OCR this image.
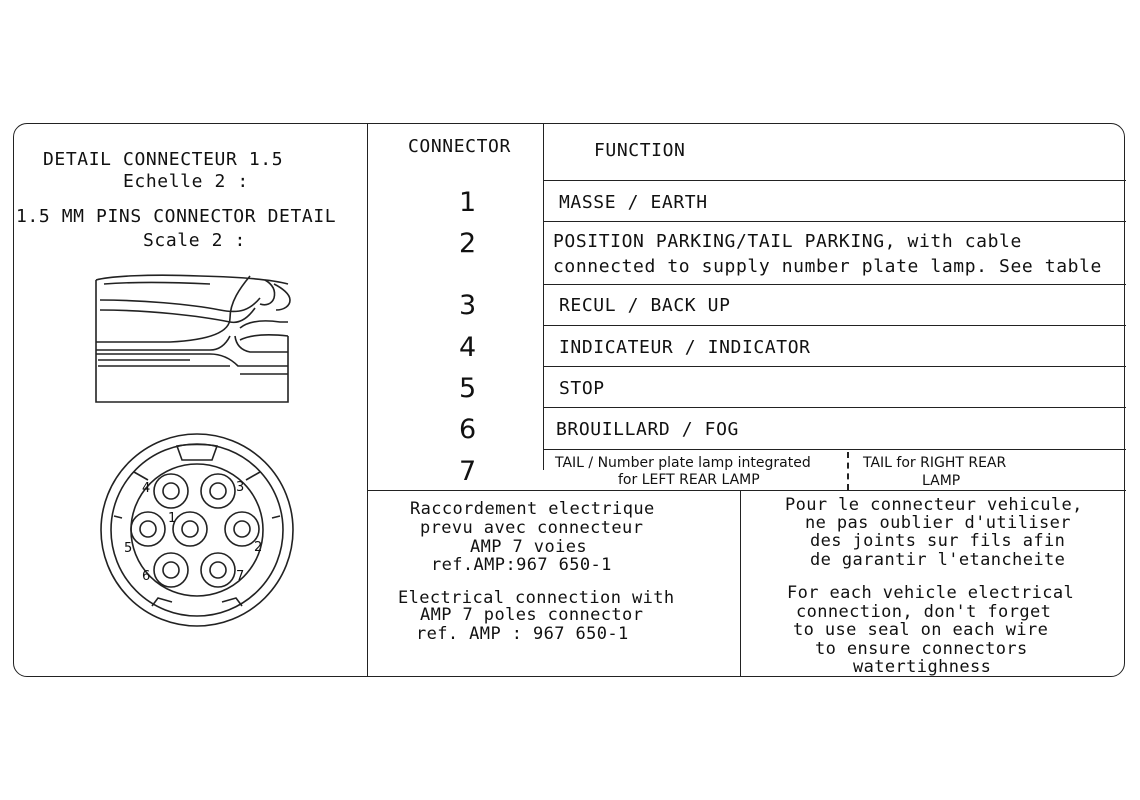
DETAIL CONNECTEUR 1.5
Echelle 2 :
1.5 MM PINS CONNECTOR DETAIL
Scale 2 :
1
2
3
4
5
6	7
CONNECTOR	FUNCTION
1
2
3
4
5
6
7
MASSE / EARTH
POSITION PARKING/TAIL PARKING, with cable
connected to supply number plate lamp. See table
RECUL / BACK UP
INDICATEUR / INDICATOR
STOP
BROUILLARD / FOG
TAIL / Number plate lamp integrated
for LEFT REAR LAMP
TAIL for RIGHT REAR
LAMP
Raccordement electrique
prevu avec connecteur
AMP 7 voies
ref.AMP:967 650-1
Electrical connection with
AMP 7 poles connector
ref. AMP : 967 650-1
Pour le connecteur vehicule,
ne pas oublier d'utiliser
des joints sur fils afin
de garantir l'etancheite
For each vehicle electrical
connection, don't forget
to use seal on each wire
to ensure connectors
watertighness
